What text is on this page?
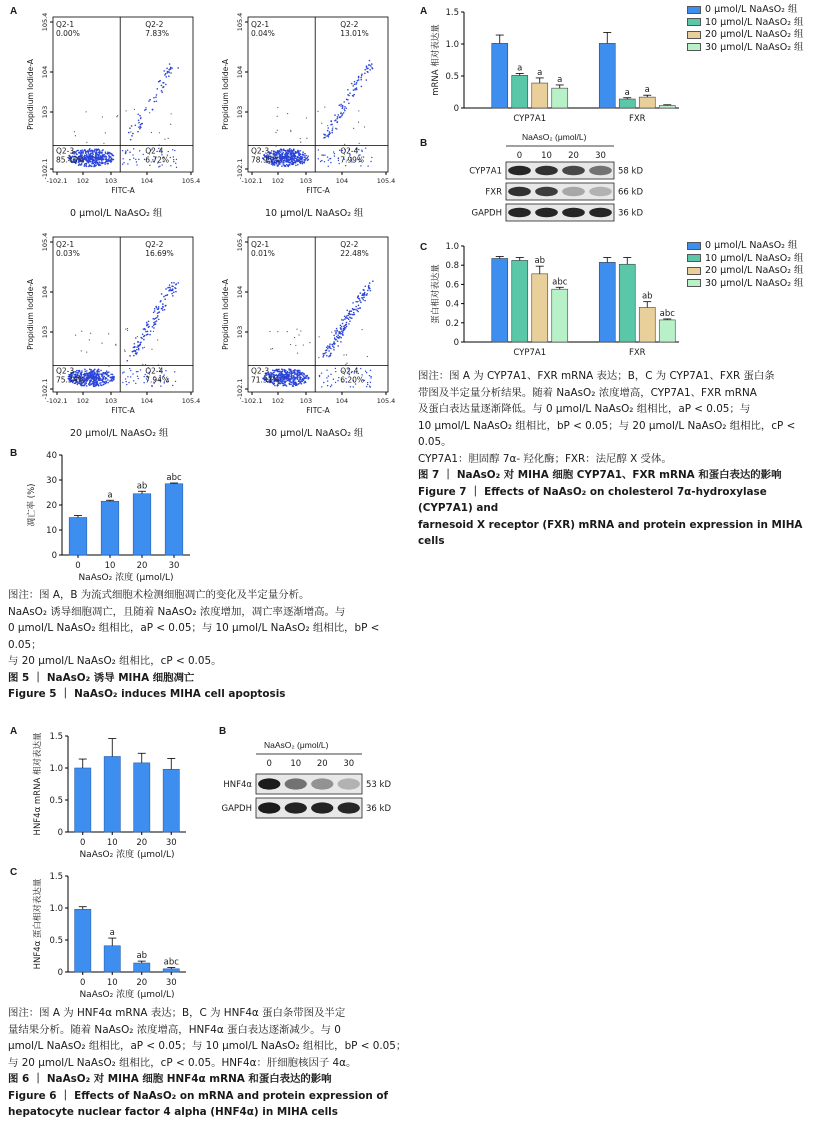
A
Q2-1
0.00%
Q2-2
7.83%
Q2-3
85.45%
Q2-4
6.72%
-102.1 102 103	104	105.4
-102.1
103
104
105.4
FITC-A
Propidium Iodide-A
0 μmol/L NaAsO₂ 组
Q2-1
0.04%
Q2-2
13.01%
Q2-3
78.95%
Q2-4
7.99%
-102.1 102 103	104	105.4
-102.1
103
104
105.4
FITC-A
Propidium Iodide-A
10 μmol/L NaAsO₂ 组
Q2-1
0.03%
Q2-2
16.69%
Q2-3
75.34%
Q2-4
7.94%
-102.1 102 103	104	105.4
-102.1
103
104
105.4
FITC-A
Propidium Iodide-A
20 μmol/L NaAsO₂ 组
Q2-1
0.01%
Q2-2
22.48%
Q2-3
71.31%
Q2-4
6.20%
-102.1 102 103	104	105.4
-102.1
103
104
105.4
FITC-A
Propidium Iodide-A
30 μmol/L NaAsO₂ 组
B
0
10
20
30
40
0	10
a
20
ab
30
abc
NaAsO₂ 浓度 (μmol/L)
凋亡率 (%)
图注：图 A，B 为流式细胞术检测细胞凋亡的变化及半定量分析。
NaAsO₂ 诱导细胞凋亡，且随着 NaAsO₂ 浓度增加，凋亡率逐渐增高。与
0 μmol/L NaAsO₂ 组相比，aP < 0.05；与 10 μmol/L NaAsO₂ 组相比，bP < 0.05；
与 20 μmol/L NaAsO₂ 组相比，cP < 0.05。
图 5 ｜ NaAsO₂ 诱导 MIHA 细胞凋亡
Figure 5 ｜ NaAsO₂ induces MIHA cell apoptosis
A
0
0.5
1.0
1.5
0	10 20 30
NaAsO₂ 浓度 (μmol/L)
HNF4α mRNA 相对表达量
B
NaAsO₂ (μmol/L)
0 10 20 30
HNF4α	53 kD
GAPDH	36 kD
C
0
0.5
1.0
1.5
0	10
a
20
ab
30
abc
NaAsO₂ 浓度 (μmol/L)
HNF4α 蛋白相对表达量
图注：图 A 为 HNF4α mRNA 表达；B，C 为 HNF4α 蛋白条带图及半定
量结果分析。随着 NaAsO₂ 浓度增高，HNF4α 蛋白表达逐渐减少。与 0
μmol/L NaAsO₂ 组相比，aP < 0.05；与 10 μmol/L NaAsO₂ 组相比，bP < 0.05；
与 20 μmol/L NaAsO₂ 组相比，cP < 0.05。HNF4α：肝细胞核因子 4α。
图 6 ｜ NaAsO₂ 对 MIHA 细胞 HNF4α mRNA 和蛋白表达的影响
Figure 6 ｜ Effects of NaAsO₂ on mRNA and protein expression of
hepatocyte nuclear factor 4 alpha (HNF4α) in MIHA cells
A
0
0.5
1.0
1.5
a a
a
CYP7A1
a a
FXR
mRNA 相对表达量
0 μmol/L NaAsO₂ 组
10 μmol/L NaAsO₂ 组
20 μmol/L NaAsO₂ 组
30 μmol/L NaAsO₂ 组
B
NaAsO₂ (μmol/L)
0 10 20 30
CYP7A1	58 kD
FXR	66 kD
GAPDH	36 kD
C
0
0.2
0.4
0.6
0.8
1.0
ab
abc
CYP7A1
ab
abc
FXR
蛋白相对表达量
0 μmol/L NaAsO₂ 组
10 μmol/L NaAsO₂ 组
20 μmol/L NaAsO₂ 组
30 μmol/L NaAsO₂ 组
图注：图 A 为 CYP7A1、FXR mRNA 表达；B，C 为 CYP7A1、FXR 蛋白条
带图及半定量分析结果。随着 NaAsO₂ 浓度增高，CYP7A1、FXR mRNA
及蛋白表达量逐渐降低。与 0 μmol/L NaAsO₂ 组相比，aP < 0.05；与
10 μmol/L NaAsO₂ 组相比，bP < 0.05；与 20 μmol/L NaAsO₂ 组相比，cP < 0.05。
CYP7A1：胆固醇 7α- 羟化酶；FXR：法尼醇 X 受体。
图 7 ｜ NaAsO₂ 对 MIHA 细胞 CYP7A1、FXR mRNA 和蛋白表达的影响
Figure 7 ｜ Effects of NaAsO₂ on cholesterol 7α-hydroxylase (CYP7A1) and
farnesoid X receptor (FXR) mRNA and protein expression in MIHA cells
